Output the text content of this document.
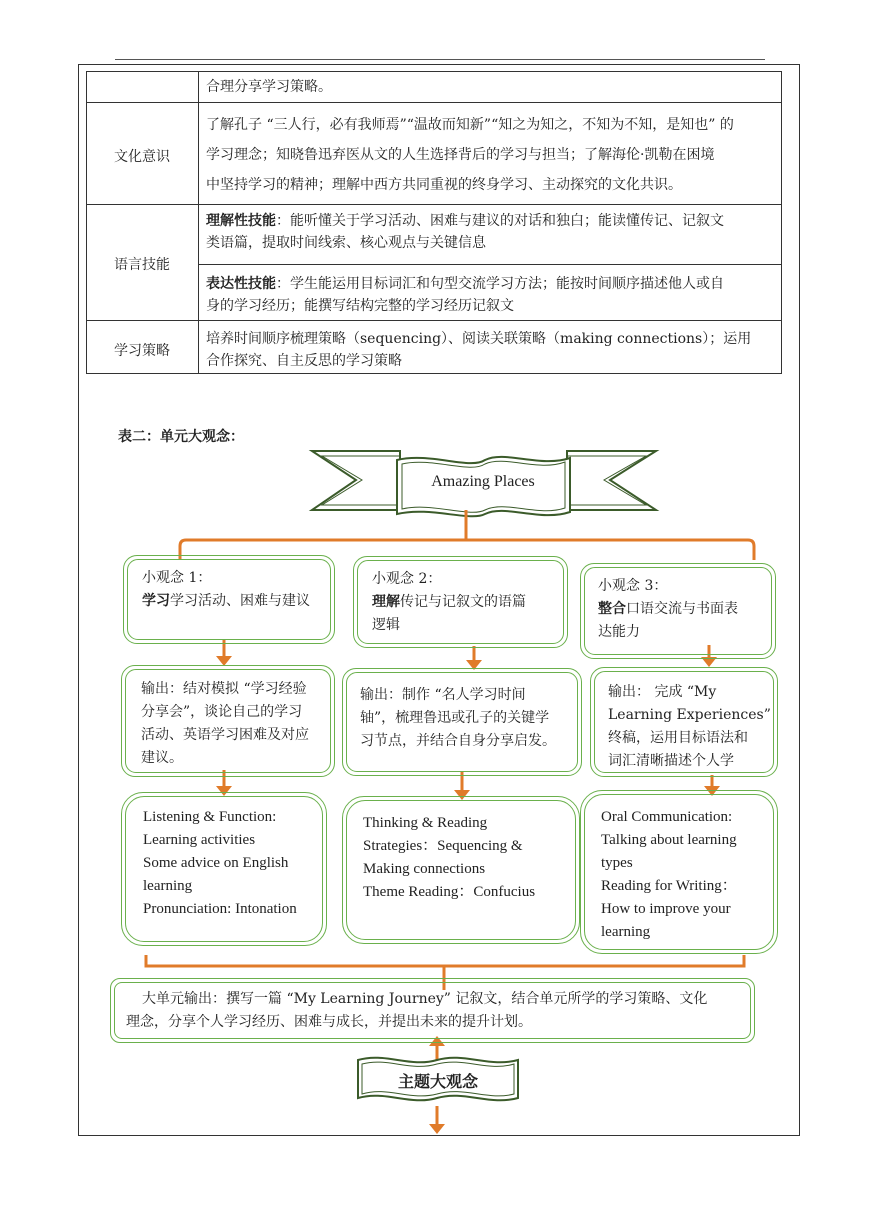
合理分享学习策略。
文化意识
了解孔子 “三人行，必有我师焉”“温故而知新”“知之为知之，不知为不知，是知也” 的
学习理念；知晓鲁迅弃医从文的人生选择背后的学习与担当；了解海伦·凯勒在困境
中坚持学习的精神；理解中西方共同重视的终身学习、主动探究的文化共识。
语言技能
理解性技能：能听懂关于学习活动、困难与建议的对话和独白；能读懂传记、记叙文
类语篇，提取时间线索、核心观点与关键信息
表达性技能：学生能运用目标词汇和句型交流学习方法；能按时间顺序描述他人或自
身的学习经历；能撰写结构完整的学习经历记叙文
学习策略
培养时间顺序梳理策略（sequencing）、阅读关联策略（making connections）；运用
合作探究、自主反思的学习策略
表二：单元大观念：
Amazing Places
小观念 1：
学习学习活动、困难与建议
小观念 2：
理解传记与记叙文的语篇
逻辑
小观念 3：
整合口语交流与书面表
达能力
输出：结对模拟 “学习经验
分享会”，谈论自己的学习
活动、英语学习困难及对应
建议。
输出：制作 “名人学习时间
轴”，梳理鲁迅或孔子的关键学
习节点，并结合自身分享启发。
输出： 完成 “My
Learning Experiences”
终稿，运用目标语法和
词汇清晰描述个人学
Listening & Function:
Learning activities
Some advice on English
learning
Pronunciation: Intonation
Thinking & Reading
Strategies：Sequencing &
Making connections
Theme Reading：Confucius
Oral Communication:
Talking about learning
types
Reading for Writing：
How to improve your
learning
大单元输出：撰写一篇 “My Learning Journey” 记叙文，结合单元所学的学习策略、文化
理念，分享个人学习经历、困难与成长，并提出未来的提升计划。
主题大观念
